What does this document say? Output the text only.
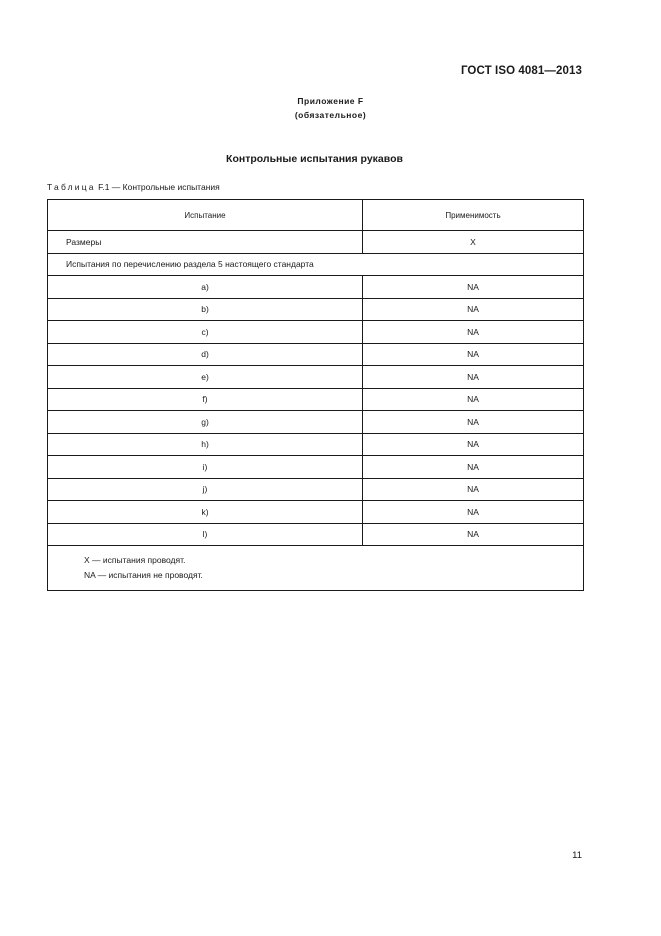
ГОСТ ISO 4081—2013
Приложение F
(обязательное)
Контрольные испытания рукавов
Таблица F.1 — Контрольные испытания
Испытание	Применимость
Размеры	X
Испытания по перечислению раздела 5 настоящего стандарта	
a)	NA
b)	NA
c)	NA
d)	NA
e)	NA
f)	NA
g)	NA
h)	NA
i)	NA
j)	NA
k)	NA
l)	NA

X — испытания проводят.
NA — испытания не проводят.	
11
